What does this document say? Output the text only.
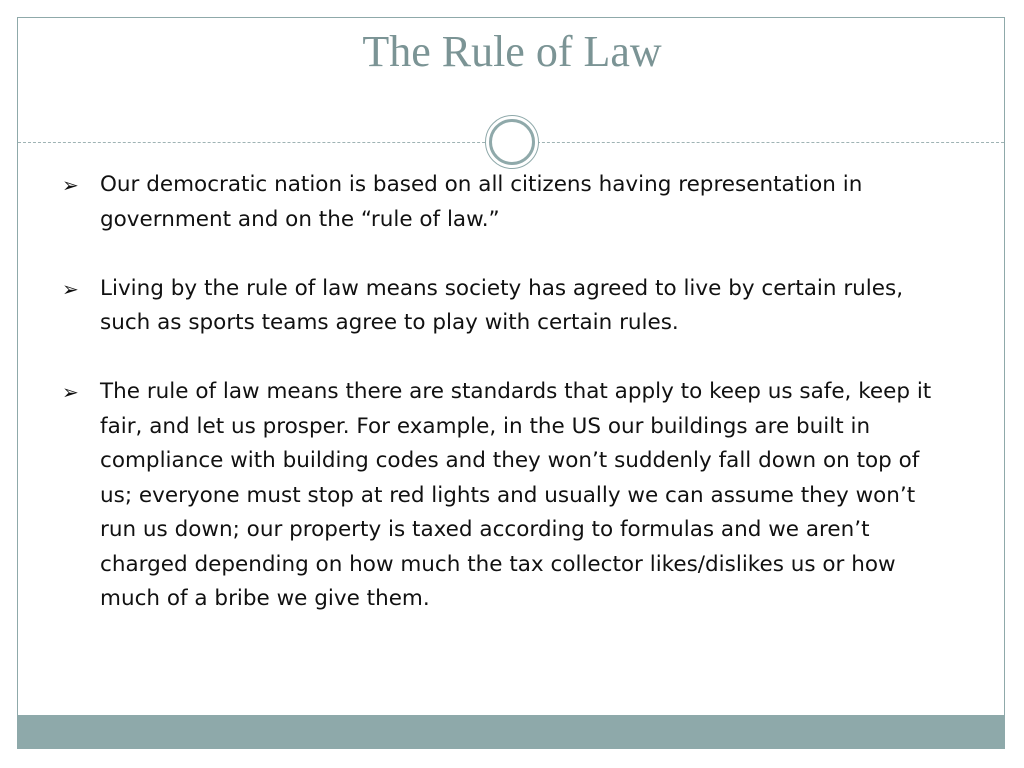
The Rule of Law
➢ Our democratic nation is based on all citizens having representation in government and on the “rule of law.”
➢ Living by the rule of law means society has agreed to live by certain rules, such as sports teams agree to play with certain rules.
➢ The rule of law means there are standards that apply to keep us safe, keep it fair, and let us prosper. For example, in the US our buildings are built in compliance with building codes and they won’t suddenly fall down on top of us; everyone must stop at red lights and usually we can assume they won’t run us down; our property is taxed according to formulas and we aren’t charged depending on how much the tax collector likes/dislikes us or how much of a bribe we give them.
